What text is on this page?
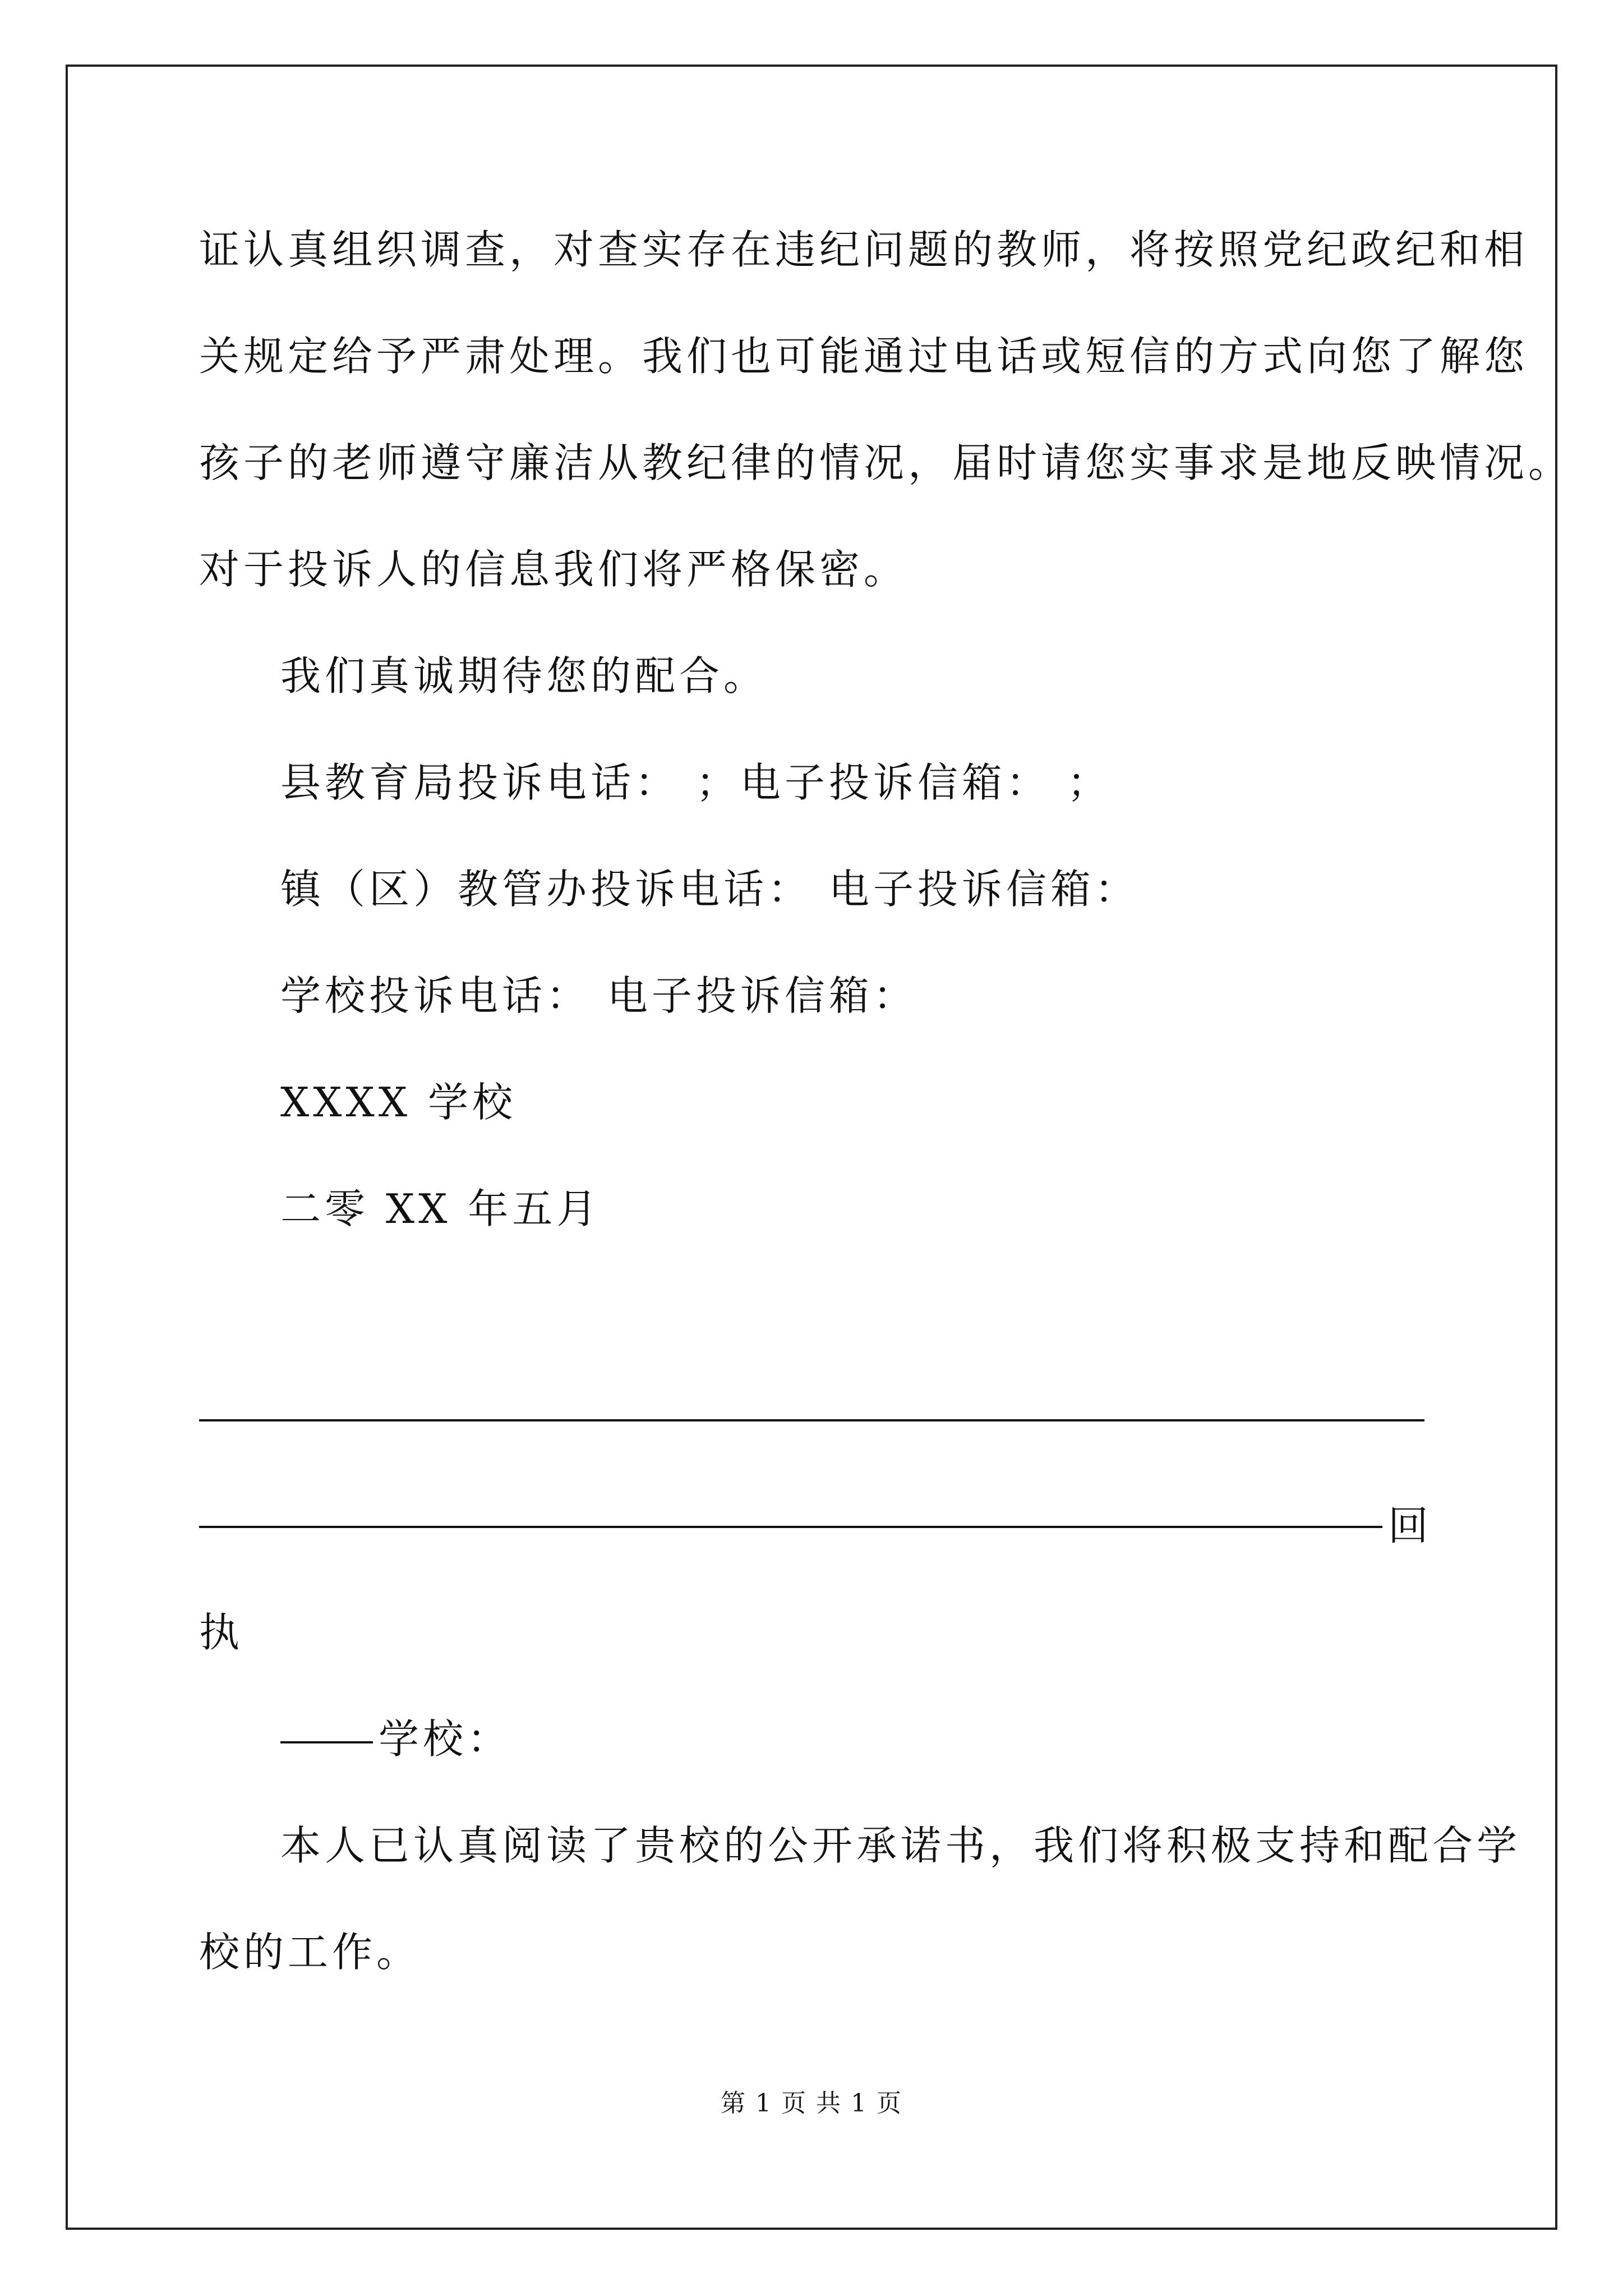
证认真组织调查，对查实存在违纪问题的教师，将按照党纪政纪和相
关规定给予严肃处理。我们也可能通过电话或短信的方式向您了解您
孩子的老师遵守廉洁从教纪律的情况，届时请您实事求是地反映情况。
对于投诉人的信息我们将严格保密。
我们真诚期待您的配合。
县教育局投诉电话： ；电子投诉信箱： ；
镇（区）教管办投诉电话： 电子投诉信箱：
学校投诉电话： 电子投诉信箱：
XXXX 学校
二零 XX 年五月
回
执
学校：
本人已认真阅读了贵校的公开承诺书，我们将积极支持和配合学
校的工作。
第 1 页 共 1 页
